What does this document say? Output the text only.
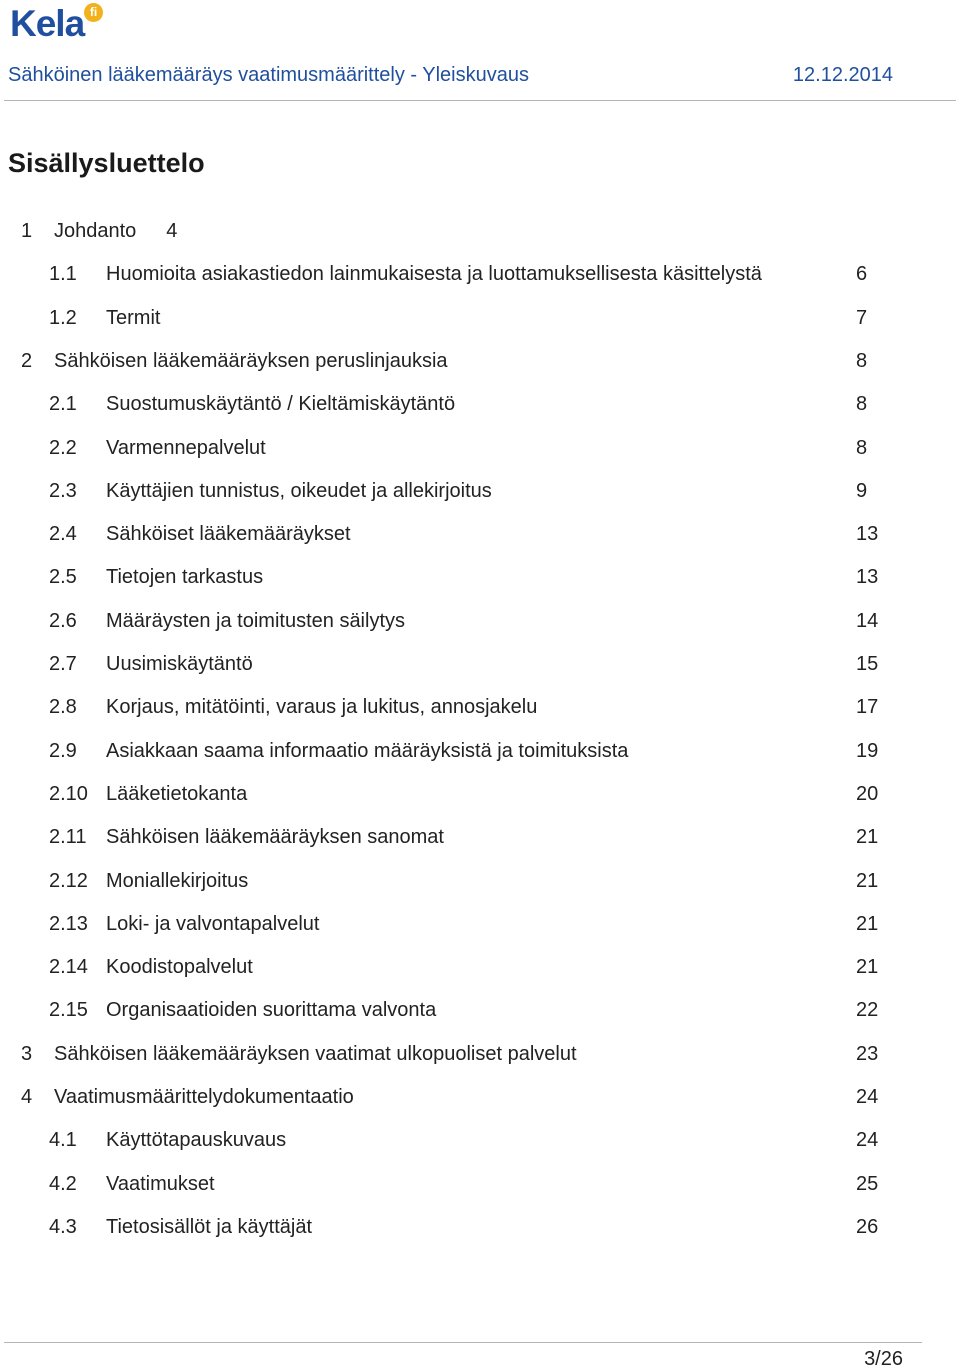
Kela fi
Sähköinen lääkemääräys vaatimusmäärittely - Yleiskuvaus	12.12.2014
Sisällysluettelo
1 Johdanto 4
1.1 Huomioita asiakastiedon lainmukaisesta ja luottamuksellisesta käsittelystä	6
1.2 Termit	7
2 Sähköisen lääkemääräyksen peruslinjauksia	8
2.1 Suostumuskäytäntö / Kieltämiskäytäntö	8
2.2 Varmennepalvelut	8
2.3 Käyttäjien tunnistus, oikeudet ja allekirjoitus	9
2.4 Sähköiset lääkemääräykset	13
2.5 Tietojen tarkastus	13
2.6 Määräysten ja toimitusten säilytys	14
2.7 Uusimiskäytäntö	15
2.8 Korjaus, mitätöinti, varaus ja lukitus, annosjakelu	17
2.9 Asiakkaan saama informaatio määräyksistä ja toimituksista	19
2.10 Lääketietokanta	20
2.11 Sähköisen lääkemääräyksen sanomat	21
2.12 Moniallekirjoitus	21
2.13 Loki- ja valvontapalvelut	21
2.14 Koodistopalvelut	21
2.15 Organisaatioiden suorittama valvonta	22
3 Sähköisen lääkemääräyksen vaatimat ulkopuoliset palvelut	23
4 Vaatimusmäärittelydokumentaatio	24
4.1 Käyttötapauskuvaus	24
4.2 Vaatimukset	25
4.3 Tietosisällöt ja käyttäjät	26
3/26
